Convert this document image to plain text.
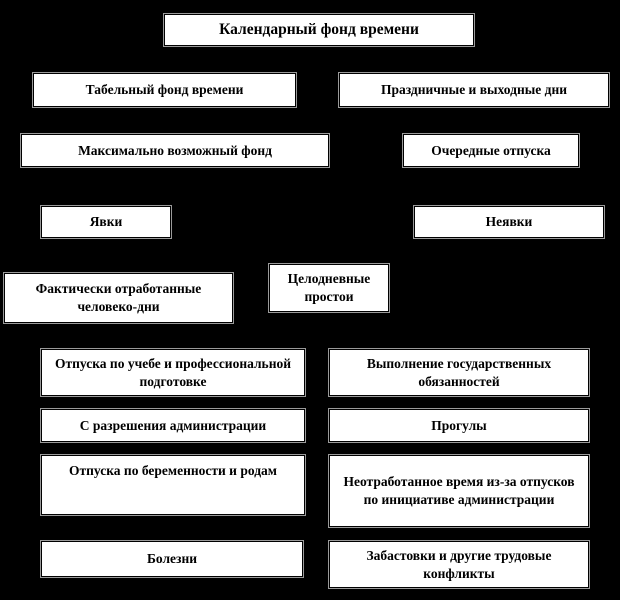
Календарный фонд времени
Табельный фонд времени	Праздничные и выходные дни
Максимально возможный фонд	Очередные отпуска
Явки	Неявки
Фактически отработанные человеко-дни
Целодневные простои
Отпуска по учебе и профессиональной подготовке
Выполнение государственных обязанностей
С разрешения администрации	Прогулы
Отпуска по беременности и родам
Неотработанное время из-за отпусков по инициативе администрации
Болезни	Забастовки и другие трудовые конфликты
